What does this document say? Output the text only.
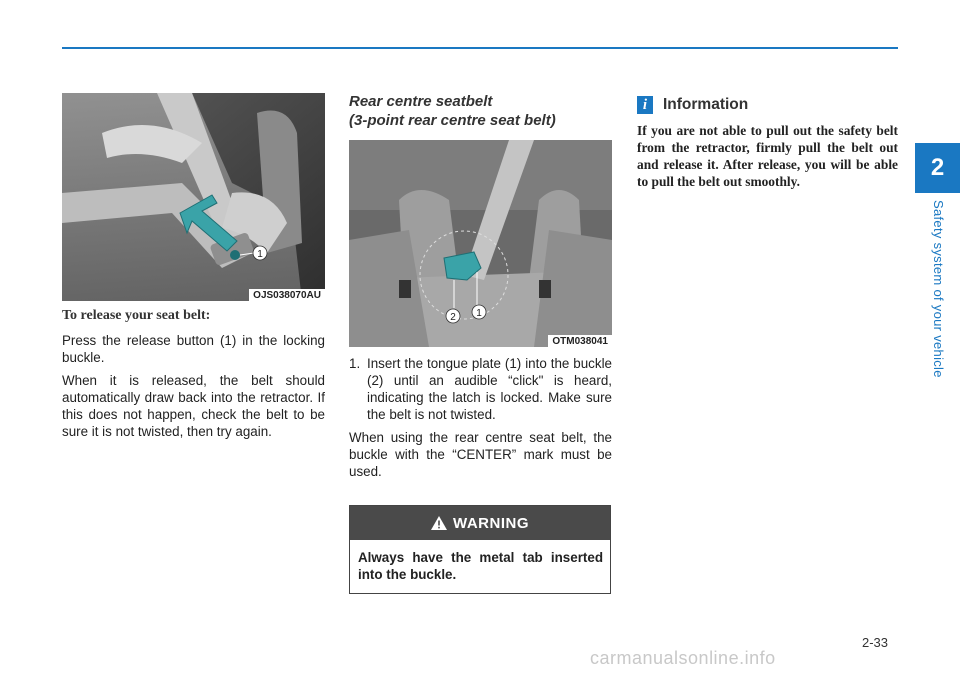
2
Safety system of your vehicle
1
OJS038070AU
To release your seat belt:

Press the release button (1) in the locking buckle.

When it is released, the belt should automatically draw back into the retractor. If this does not happen, check the belt to be sure it is not twisted, then try again.

Rear centre seatbelt
(3-point rear centre seat belt)
2 1
OTM038041
1. Insert the tongue plate (1) into the buckle (2) until an audible “click" is heard, indicating the latch is locked. Make sure the belt is not twisted.

When using the rear centre seat belt, the buckle with the “CENTER” mark must be used.

WARNING
Always have the metal tab inserted into the buckle.
i	Information

If you are not able to pull out the safety belt from the retractor, firmly pull the belt out and release it. After release, you will be able to pull the belt out smoothly.

2-33
carmanualsonline.info
